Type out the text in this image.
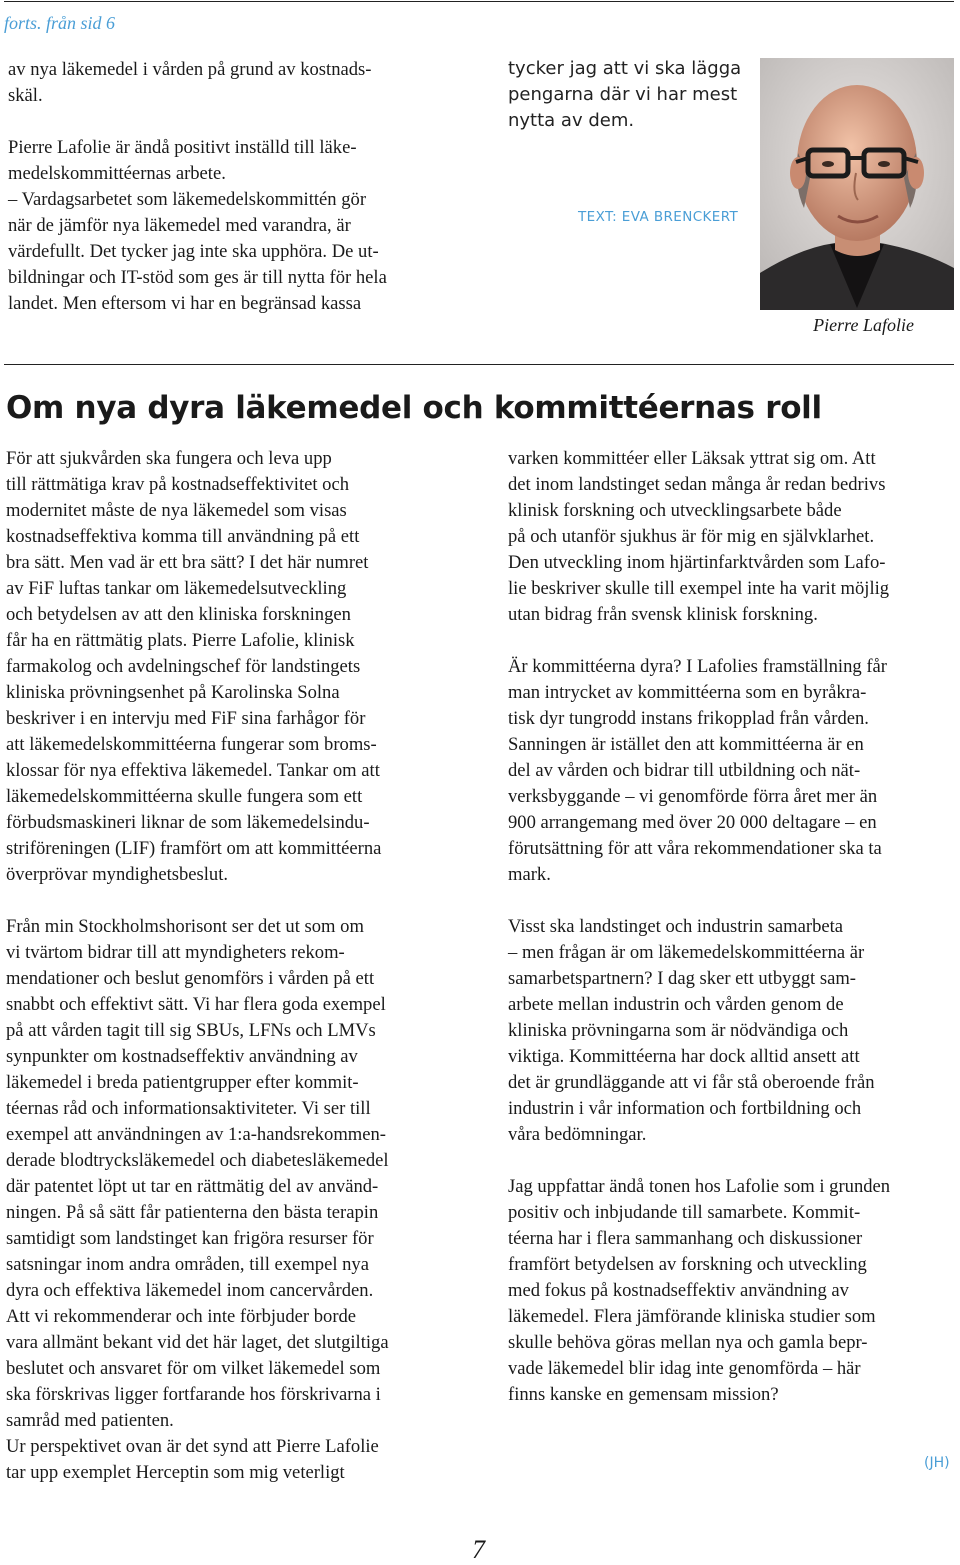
forts. från sid 6
av nya läkemedel i vården på grund av kostnads-
skäl.
Pierre Lafolie är ändå positivt inställd till läke-
medelskommittéernas arbete.
– Vardagsarbetet som läkemedelskommittén gör
när de jämför nya läkemedel med varandra, är
värdefullt. Det tycker jag inte ska upphöra. De ut-
bildningar och IT-stöd som ges är till nytta för hela
landet. Men eftersom vi har en begränsad kassa
tycker jag att vi ska lägga
pengarna där vi har mest
nytta av dem.
TEXT: EVA BRENCKERT
Pierre Lafolie
Om nya dyra läkemedel och kommittéernas roll
För att sjukvården ska fungera och leva upp
till rättmätiga krav på kostnadseffektivitet och
modernitet måste de nya läkemedel som visas
kostnadseffektiva komma till användning på ett
bra sätt. Men vad är ett bra sätt? I det här numret
av FiF luftas tankar om läkemedelsutveckling
och betydelsen av att den kliniska forskningen
får ha en rättmätig plats. Pierre Lafolie, klinisk
farmakolog och avdelningschef för landstingets
kliniska prövningsenhet på Karolinska Solna
beskriver i en intervju med FiF sina farhågor för
att läkemedelskommittéerna fungerar som broms-
klossar för nya effektiva läkemedel. Tankar om att
läkemedelskommittéerna skulle fungera som ett
förbudsmaskineri liknar de som läkemedelsindu-
striföreningen (LIF) framfört om att kommittéerna
överprövar myndighetsbeslut.
Från min Stockholmshorisont ser det ut som om
vi tvärtom bidrar till att myndigheters rekom-
mendationer och beslut genomförs i vården på ett
snabbt och effektivt sätt. Vi har flera goda exempel
på att vården tagit till sig SBUs, LFNs och LMVs
synpunkter om kostnadseffektiv användning av
läkemedel i breda patientgrupper efter kommit-
téernas råd och informationsaktiviteter. Vi ser till
exempel att användningen av 1:a-handsrekommen-
derade blodtrycksläkemedel och diabetesläkemedel
där patentet löpt ut tar en rättmätig del av använd-
ningen. På så sätt får patienterna den bästa terapin
samtidigt som landstinget kan frigöra resurser för
satsningar inom andra områden, till exempel nya
dyra och effektiva läkemedel inom cancervården.
Att vi rekommenderar och inte förbjuder borde
vara allmänt bekant vid det här laget, det slutgiltiga
beslutet och ansvaret för om vilket läkemedel som
ska förskrivas ligger fortfarande hos förskrivarna i
samråd med patienten.
Ur perspektivet ovan är det synd att Pierre Lafolie
tar upp exemplet Herceptin som mig veterligt
varken kommittéer eller Läksak yttrat sig om. Att
det inom landstinget sedan många år redan bedrivs
klinisk forskning och utvecklingsarbete både
på och utanför sjukhus är för mig en självklarhet.
Den utveckling inom hjärtinfarktvården som Lafo-
lie beskriver skulle till exempel inte ha varit möjlig
utan bidrag från svensk klinisk forskning.
Är kommittéerna dyra? I Lafolies framställning får
man intrycket av kommittéerna som en byråkra-
tisk dyr tungrodd instans frikopplad från vården.
Sanningen är istället den att kommittéerna är en
del av vården och bidrar till utbildning och nät-
verksbyggande – vi genomförde förra året mer än
900 arrangemang med över 20 000 deltagare – en
förutsättning för att våra rekommendationer ska ta
mark.
Visst ska landstinget och industrin samarbeta
– men frågan är om läkemedelskommittéerna är
samarbetspartnern? I dag sker ett utbyggt sam-
arbete mellan industrin och vården genom de
kliniska prövningarna som är nödvändiga och
viktiga. Kommittéerna har dock alltid ansett att
det är grundläggande att vi får stå oberoende från
industrin i vår information och fortbildning och
våra bedömningar.
Jag uppfattar ändå tonen hos Lafolie som i grunden
positiv och inbjudande till samarbete. Kommit-
téerna har i flera sammanhang och diskussioner
framfört betydelsen av forskning och utveckling
med fokus på kostnadseffektiv användning av
läkemedel. Flera jämförande kliniska studier som
skulle behöva göras mellan nya och gamla bepr-
vade läkemedel blir idag inte genomförda – här
finns kanske en gemensam mission?
(JH)
7
